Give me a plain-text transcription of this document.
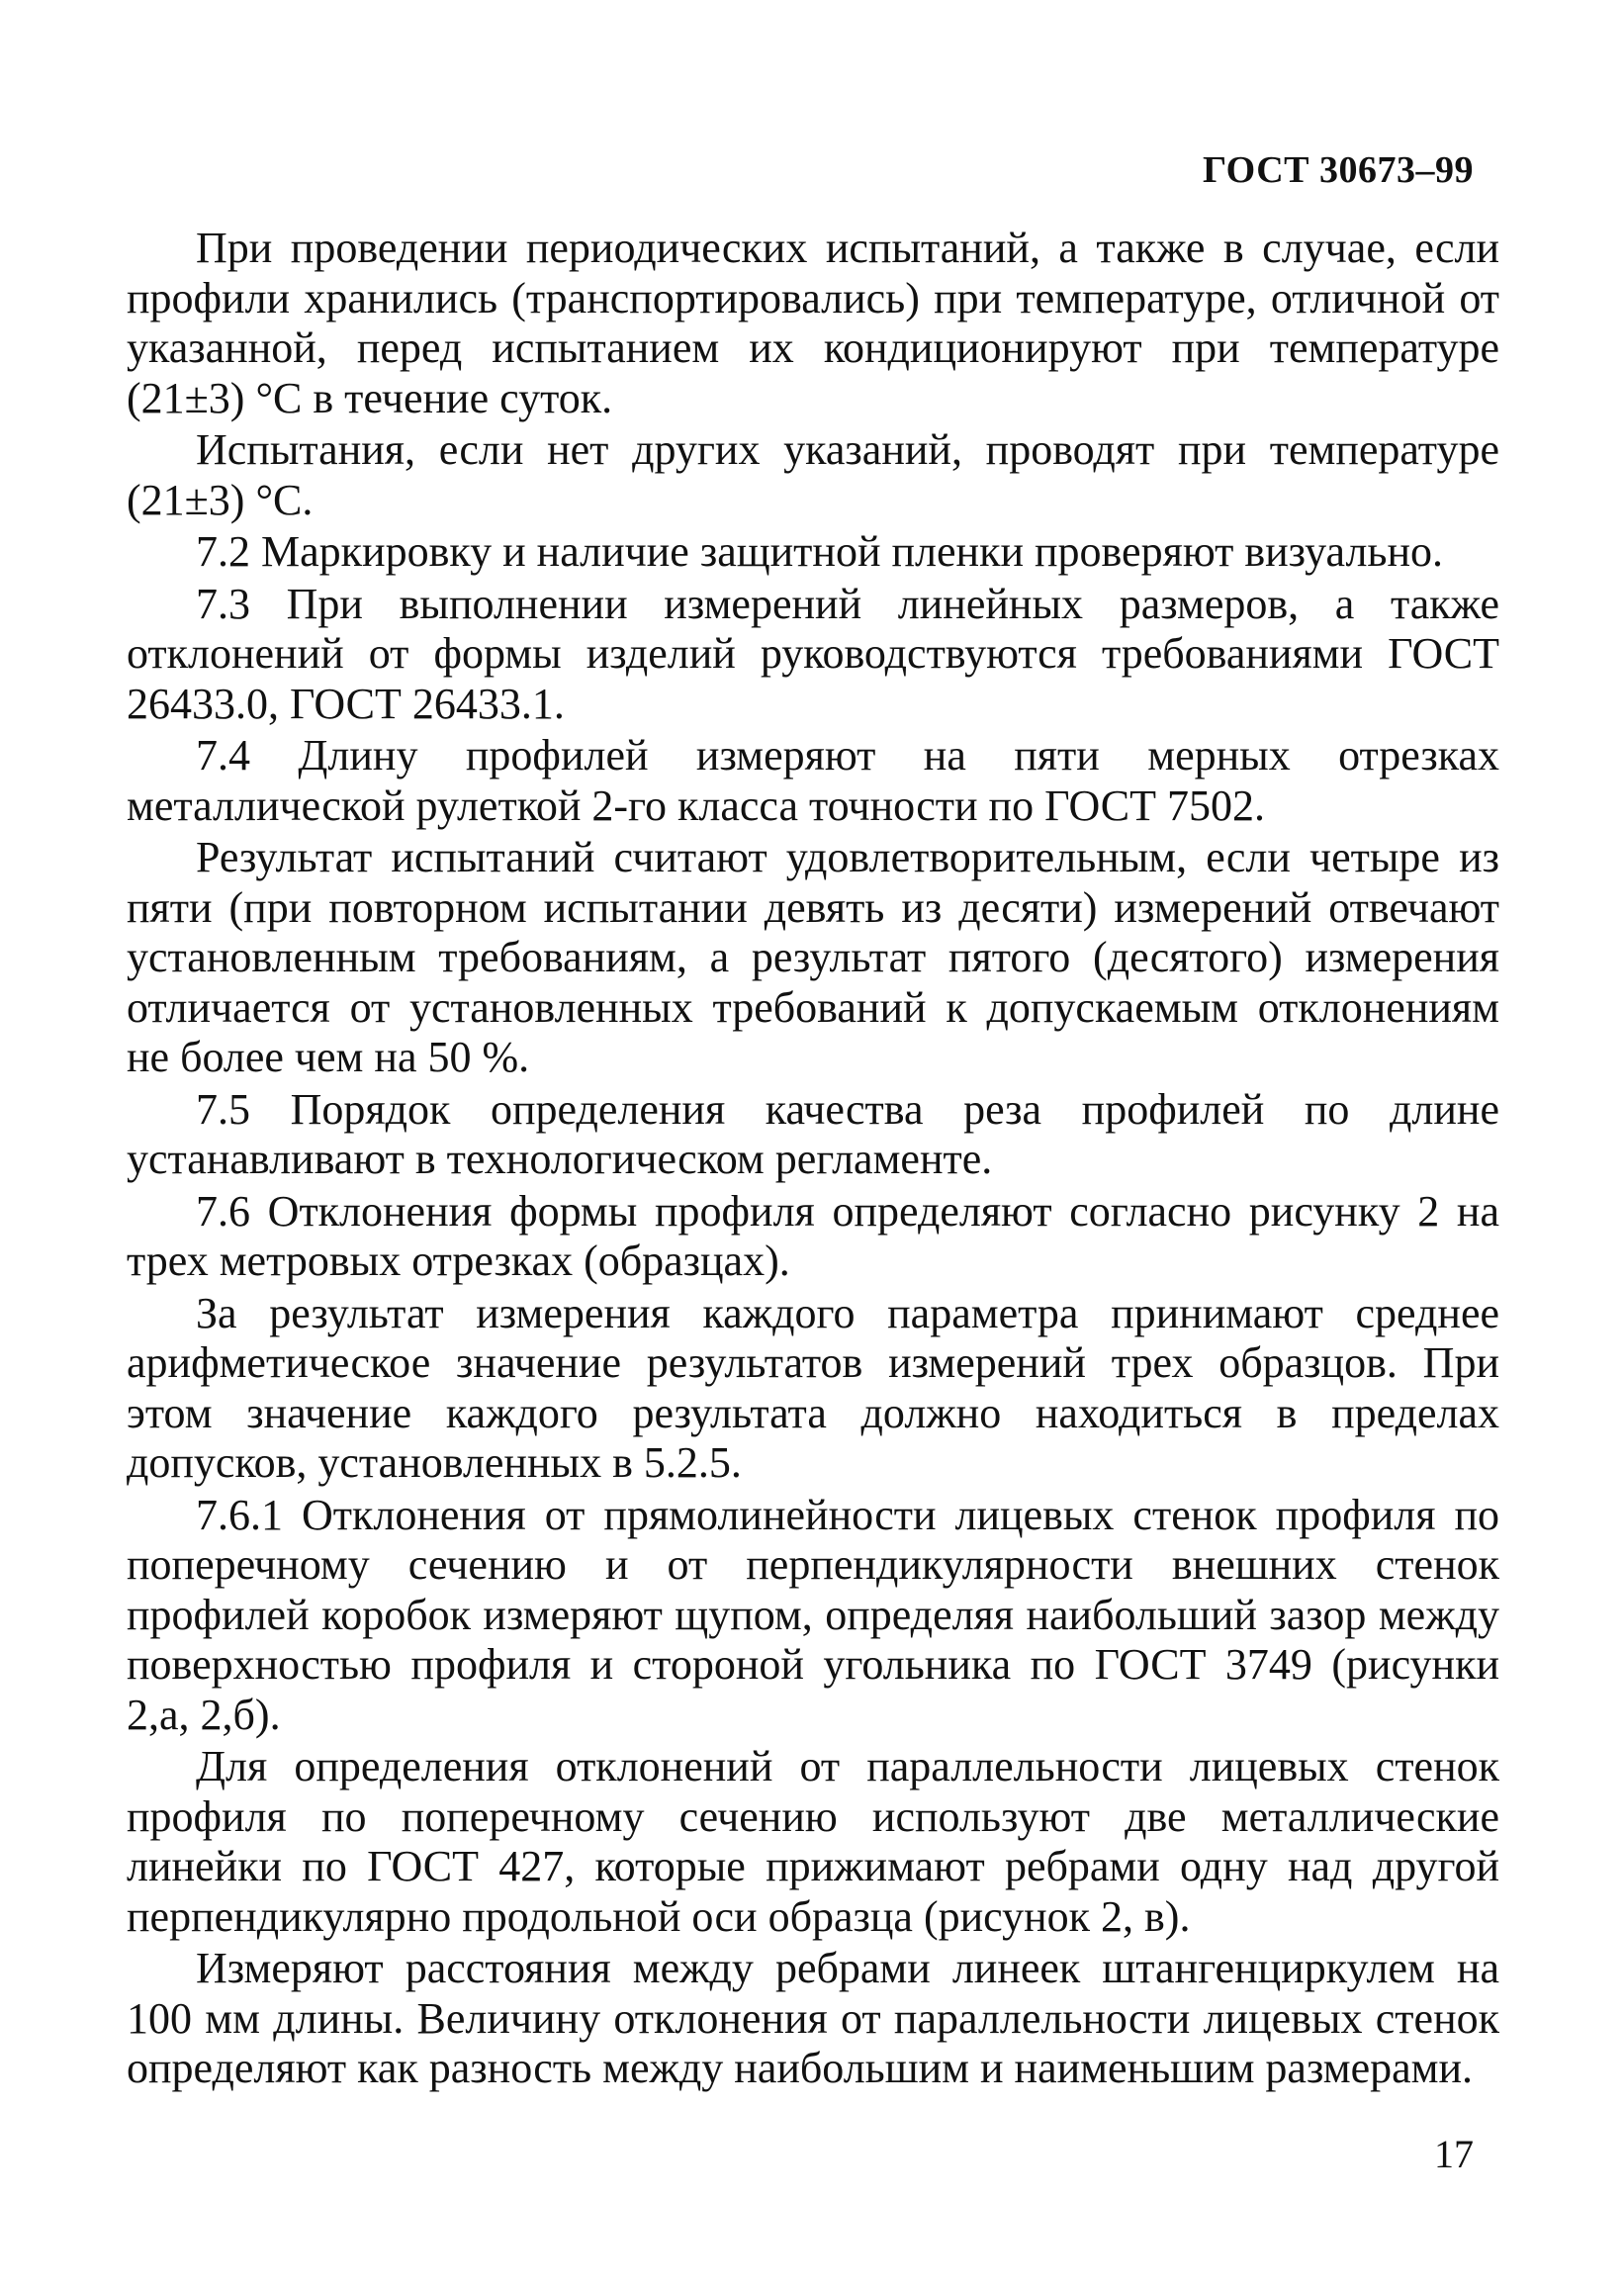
ГОСТ 30673–99

При проведении периодических испытаний, а также в случае, если профили хранились (транспортировались) при температуре, отличной от указанной, перед испытанием их кондиционируют при температуре (21±3) °С в течение суток.

Испытания, если нет других указаний, проводят при температуре (21±3) °С.

7.2 Маркировку и наличие защитной пленки проверяют визуально.

7.3 При выполнении измерений линейных размеров, а также отклонений от формы изделий руководствуются требованиями ГОСТ 26433.0, ГОСТ 26433.1.

7.4 Длину профилей измеряют на пяти мерных отрезках металлической рулеткой 2-го класса точности по ГОСТ 7502.

Результат испытаний считают удовлетворительным, если четыре из пяти (при повторном испытании девять из десяти) измерений отвечают установленным требованиям, а результат пятого (десятого) измерения отличается от установленных требований к допускаемым отклонениям не более чем на 50 %.

7.5 Порядок определения качества реза профилей по длине устанавливают в технологическом регламенте.

7.6 Отклонения формы профиля определяют согласно рисунку 2 на трех метровых отрезках (образцах).

За результат измерения каждого параметра принимают среднее арифметическое значение результатов измерений трех образцов. При этом значение каждого результата должно находиться в пределах допусков, установленных в 5.2.5.

7.6.1 Отклонения от прямолинейности лицевых стенок профиля по поперечному сечению и от перпендикулярности внешних стенок профилей коробок измеряют щупом, определяя наибольший зазор между поверхностью профиля и стороной угольника по ГОСТ 3749 (рисунки 2,а, 2,б).

Для определения отклонений от параллельности лицевых стенок профиля по поперечному сечению используют две металлические линейки по ГОСТ 427, которые прижимают ребрами одну над другой перпендикулярно продольной оси образца (рисунок 2, в).

Измеряют расстояния между ребрами линеек штангенциркулем на 100 мм длины. Величину отклонения от параллельности лицевых стенок определяют как разность между наибольшим и наименьшим размерами.

17
